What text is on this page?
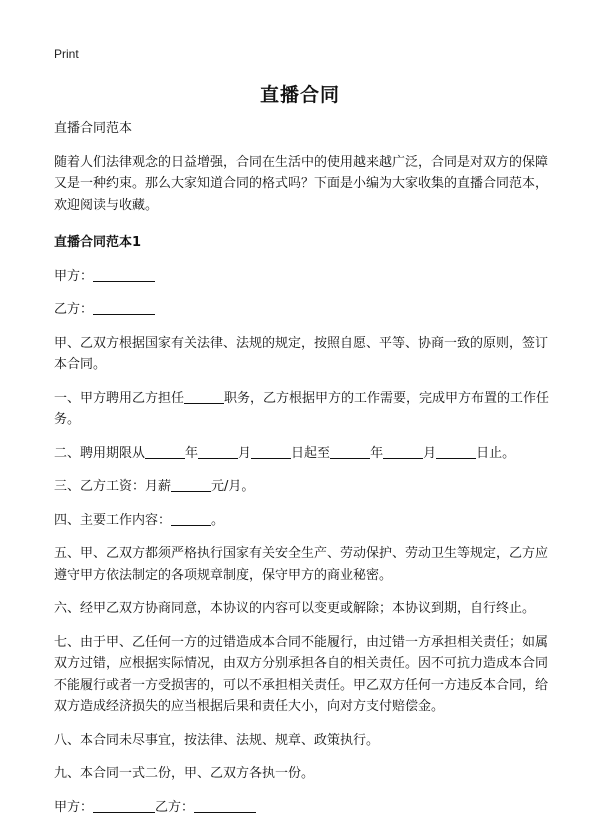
Print
直播合同

直播合同范本

随着人们法律观念的日益增强，合同在生活中的使用越来越广泛，合同是对双方的保障又是一种约束。那么大家知道合同的格式吗？下面是小编为大家收集的直播合同范本，欢迎阅读与收藏。

直播合同范本1

甲方：

乙方：

甲、乙双方根据国家有关法律、法规的规定，按照自愿、平等、协商一致的原则，签订本合同。

一、甲方聘用乙方担任	职务，乙方根据甲方的工作需要，完成甲方布置的工作任务。

二、聘用期限从	年	月	日起至	年	月	日止。

三、乙方工资：月薪	元/月。

四、主要工作内容：	。

五、甲、乙双方都须严格执行国家有关安全生产、劳动保护、劳动卫生等规定，乙方应遵守甲方依法制定的各项规章制度，保守甲方的商业秘密。

六、经甲乙双方协商同意，本协议的内容可以变更或解除；本协议到期，自行终止。

七、由于甲、乙任何一方的过错造成本合同不能履行，由过错一方承担相关责任；如属双方过错，应根据实际情况，由双方分别承担各自的相关责任。因不可抗力造成本合同不能履行或者一方受损害的，可以不承担相关责任。甲乙双方任何一方违反本合同，给双方造成经济损失的应当根据后果和责任大小，向对方支付赔偿金。

八、本合同未尽事宜，按法律、法规、规章、政策执行。

九、本合同一式二份，甲、乙双方各执一份。

甲方：	乙方：
